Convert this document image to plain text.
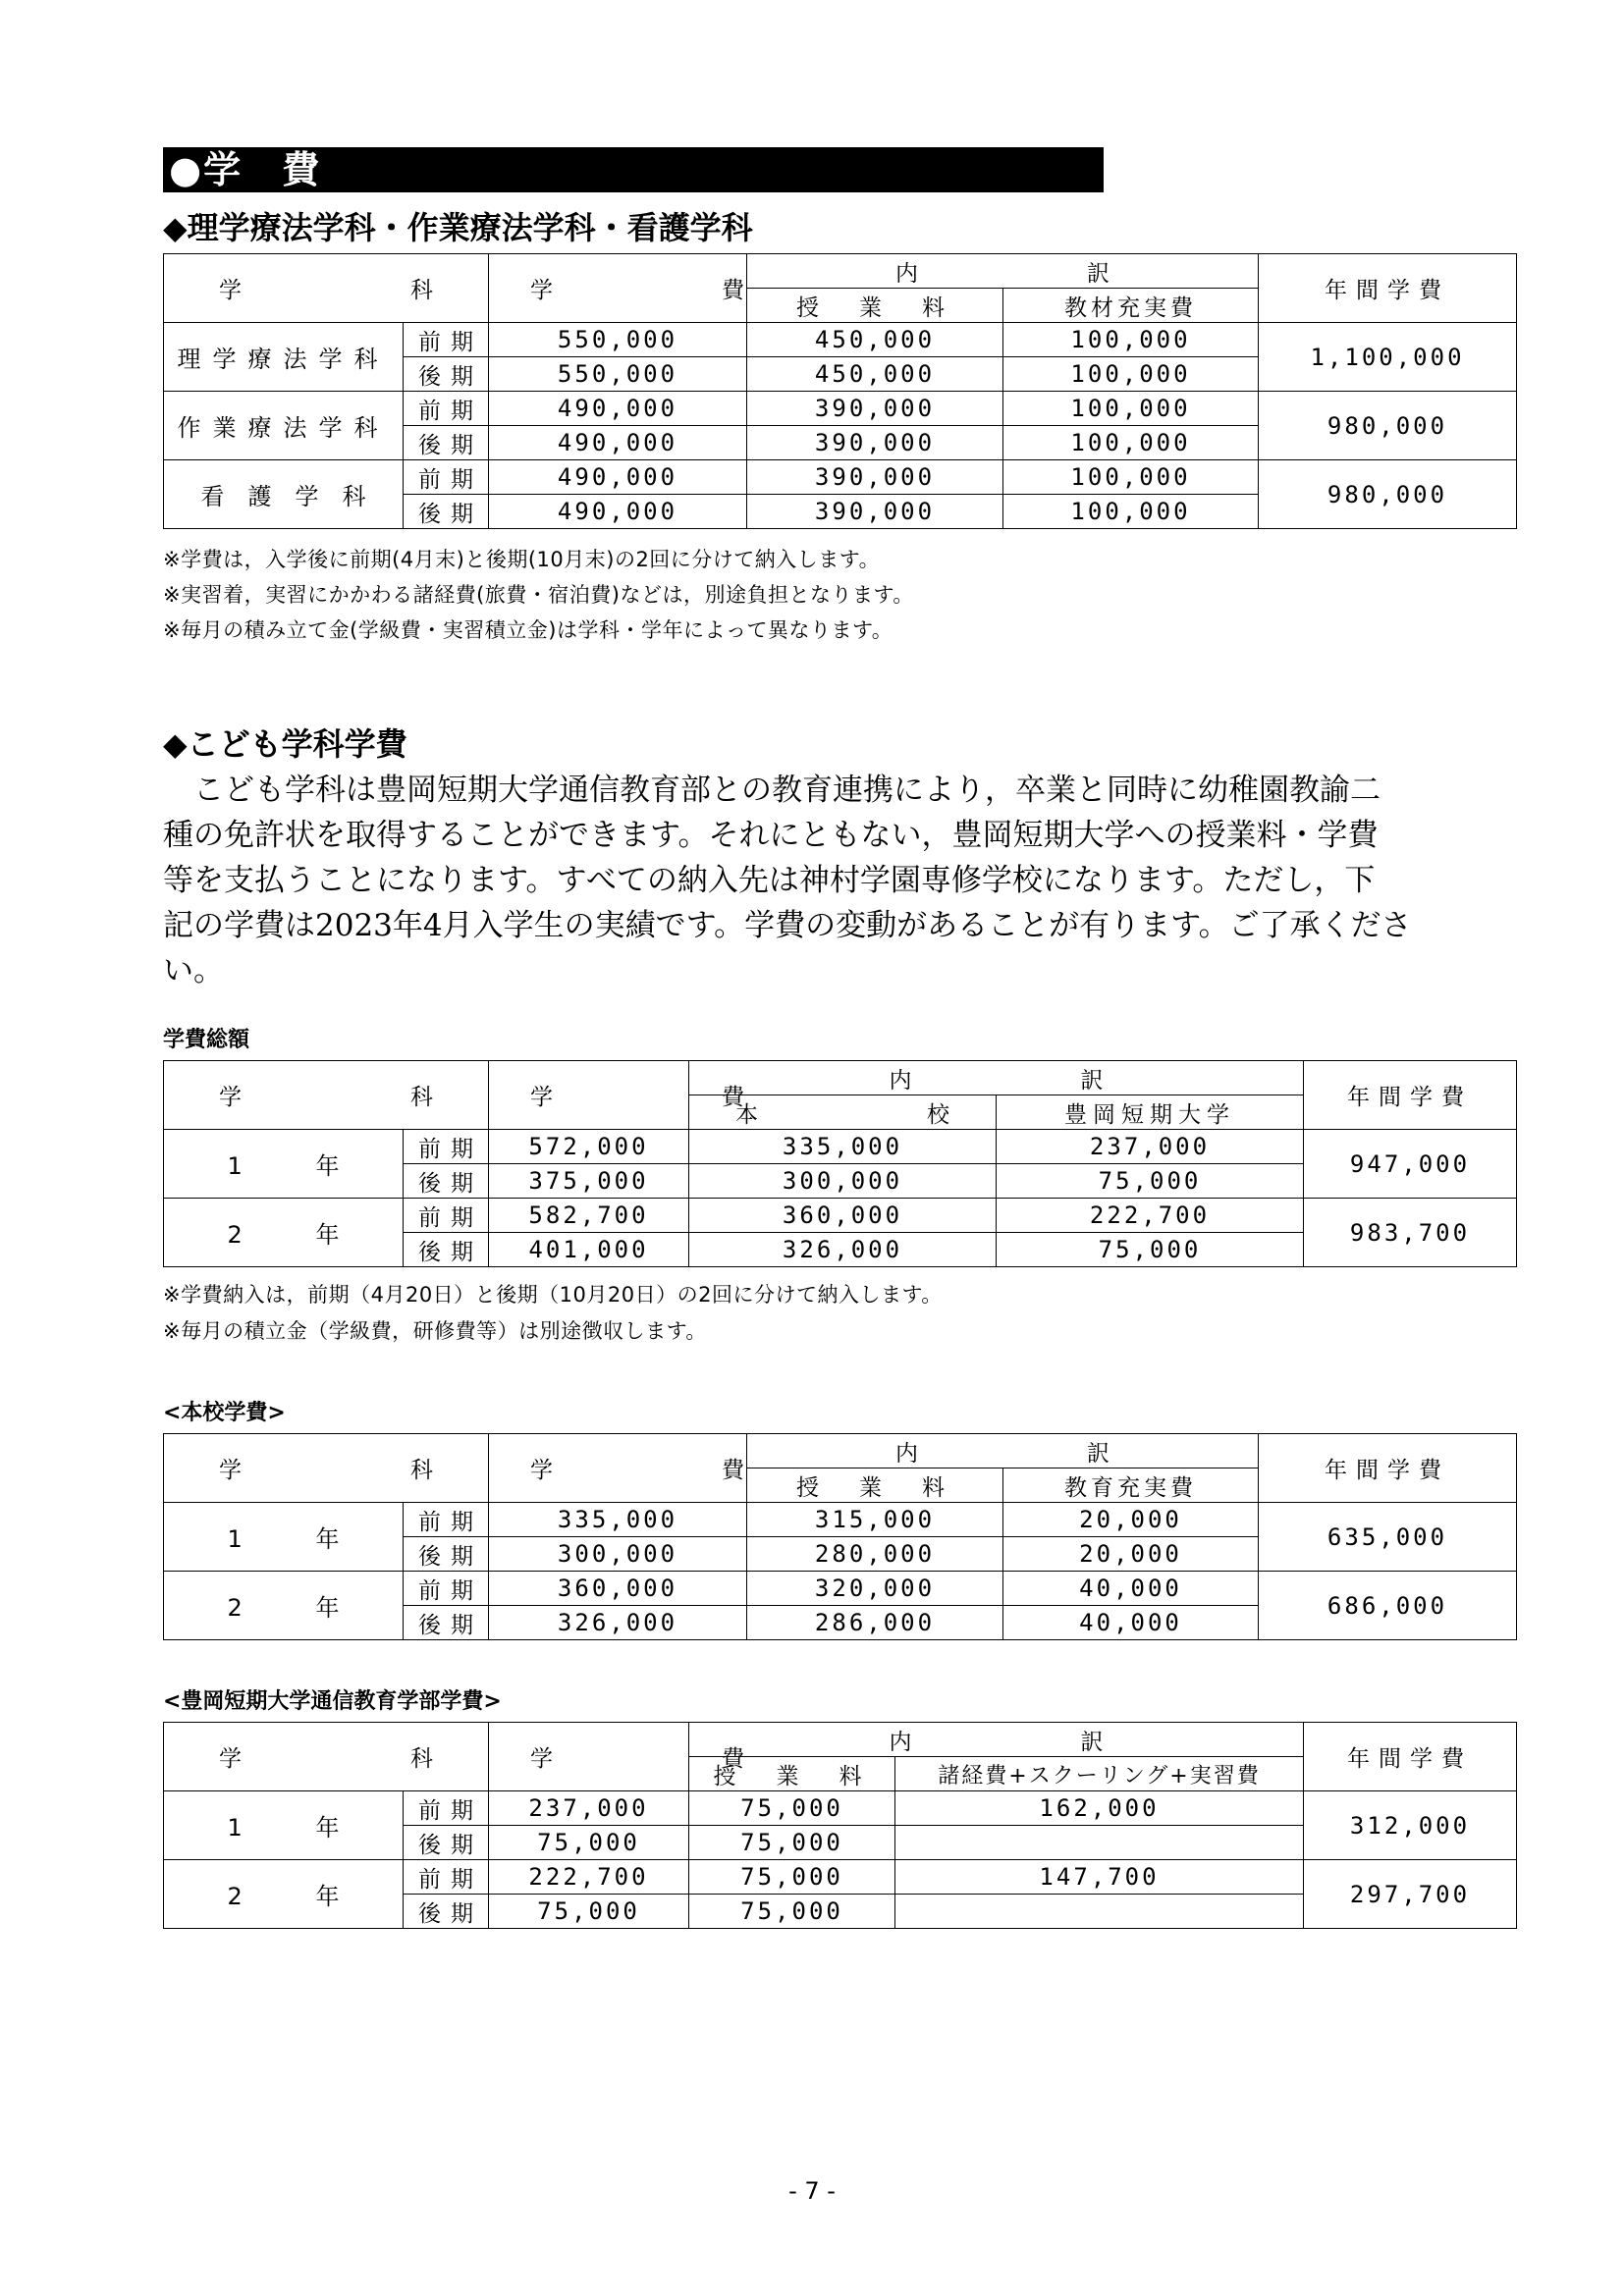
●学 費
◆理学療法学科・作業療法学科・看護学科
学　　科		学　　費	内　　訳		年間学費
			授　業　料	教材充実費	
理学療法学科	前期	550,000	450,000	100,000	1,100,000
	後期	550,000	450,000	100,000	
作業療法学科	前期	490,000	390,000	100,000	980,000
	後期	490,000	390,000	100,000	
看　護　学　科	前期	490,000	390,000	100,000	980,000
	後期	490,000	390,000	100,000	
※学費は，入学後に前期(4月末)と後期(10月末)の2回に分けて納入します。
※実習着，実習にかかわる諸経費(旅費・宿泊費)などは，別途負担となります。
※毎月の積み立て金(学級費・実習積立金)は学科・学年によって異なります。
◆こども学科学費

　こども学科は豊岡短期大学通信教育部との教育連携により，卒業と同時に幼稚園教諭二

種の免許状を取得することができます。それにともない，豊岡短期大学への授業料・学費

等を支払うことになります。すべての納入先は神村学園専修学校になります。ただし，下

記の学費は2023年4月入学生の実績です。学費の変動があることが有ります。ご了承くださ

い。

学費総額
学　　科		学　　費	内　　訳		年間学費
			本　　校	豊岡短期大学	
1 年	前期	572,000	335,000	237,000	947,000
	後期	375,000	300,000	75,000	
2 年	前期	582,700	360,000	222,700	983,700
	後期	401,000	326,000	75,000	
※学費納入は，前期（4月20日）と後期（10月20日）の2回に分けて納入します。
※毎月の積立金（学級費，研修費等）は別途徴収します。
<本校学費>
学　　科		学　　費	内　　訳		年間学費
			授　業　料	教育充実費	
1 年	前期	335,000	315,000	20,000	635,000
	後期	300,000	280,000	20,000	
2 年	前期	360,000	320,000	40,000	686,000
	後期	326,000	286,000	40,000	
<豊岡短期大学通信教育学部学費>
学　　科		学　　費	内　　訳		年間学費
			授　業　料	諸経費+スクーリング+実習費	
1 年	前期	237,000	75,000	162,000	312,000
	後期	75,000	75,000		
2 年	前期	222,700	75,000	147,700	297,700
	後期	75,000	75,000		
- 7 -
